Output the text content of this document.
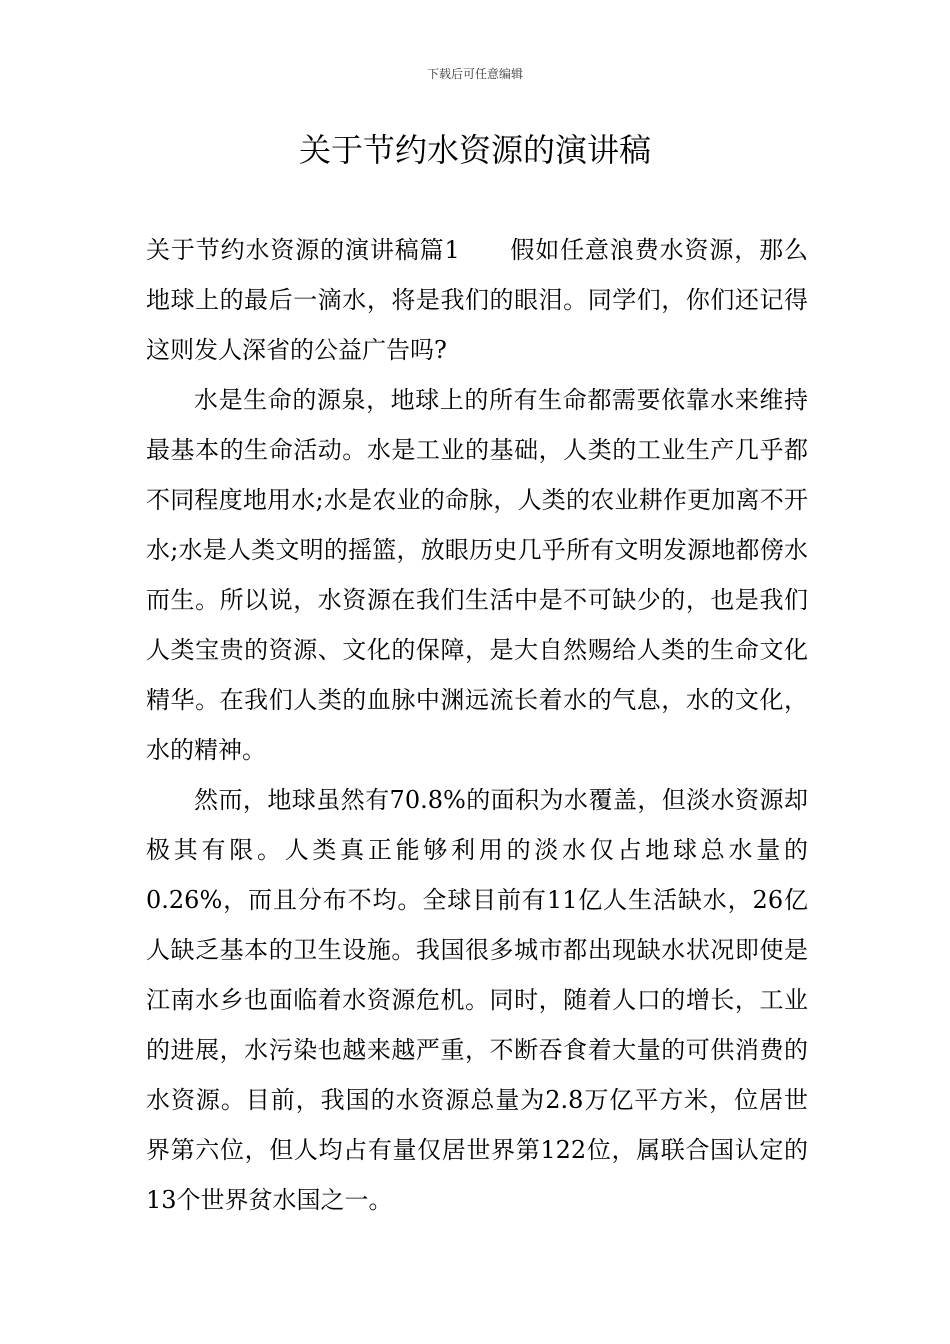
下载后可任意编辑
关于节约水资源的演讲稿

关于节约水资源的演讲稿篇1　　假如任意浪费水资源，那么地球上的最后一滴水，将是我们的眼泪。同学们，你们还记得这则发人深省的公益广告吗?

水是生命的源泉，地球上的所有生命都需要依靠水来维持最基本的生命活动。水是工业的基础，人类的工业生产几乎都不同程度地用水;水是农业的命脉，人类的农业耕作更加离不开水;水是人类文明的摇篮，放眼历史几乎所有文明发源地都傍水而生。所以说，水资源在我们生活中是不可缺少的，也是我们人类宝贵的资源、文化的保障，是大自然赐给人类的生命文化精华。在我们人类的血脉中渊远流长着水的气息，水的文化，水的精神。

然而，地球虽然有70.8%的面积为水覆盖，但淡水资源却极其有限。人类真正能够利用的淡水仅占地球总水量的0.26%，而且分布不均。全球目前有11亿人生活缺水，26亿人缺乏基本的卫生设施。我国很多城市都出现缺水状况即使是江南水乡也面临着水资源危机。同时，随着人口的增长，工业的进展，水污染也越来越严重，不断吞食着大量的可供消费的水资源。目前，我国的水资源总量为2.8万亿平方米，位居世界第六位，但人均占有量仅居世界第122位，属联合国认定的13个世界贫水国之一。
